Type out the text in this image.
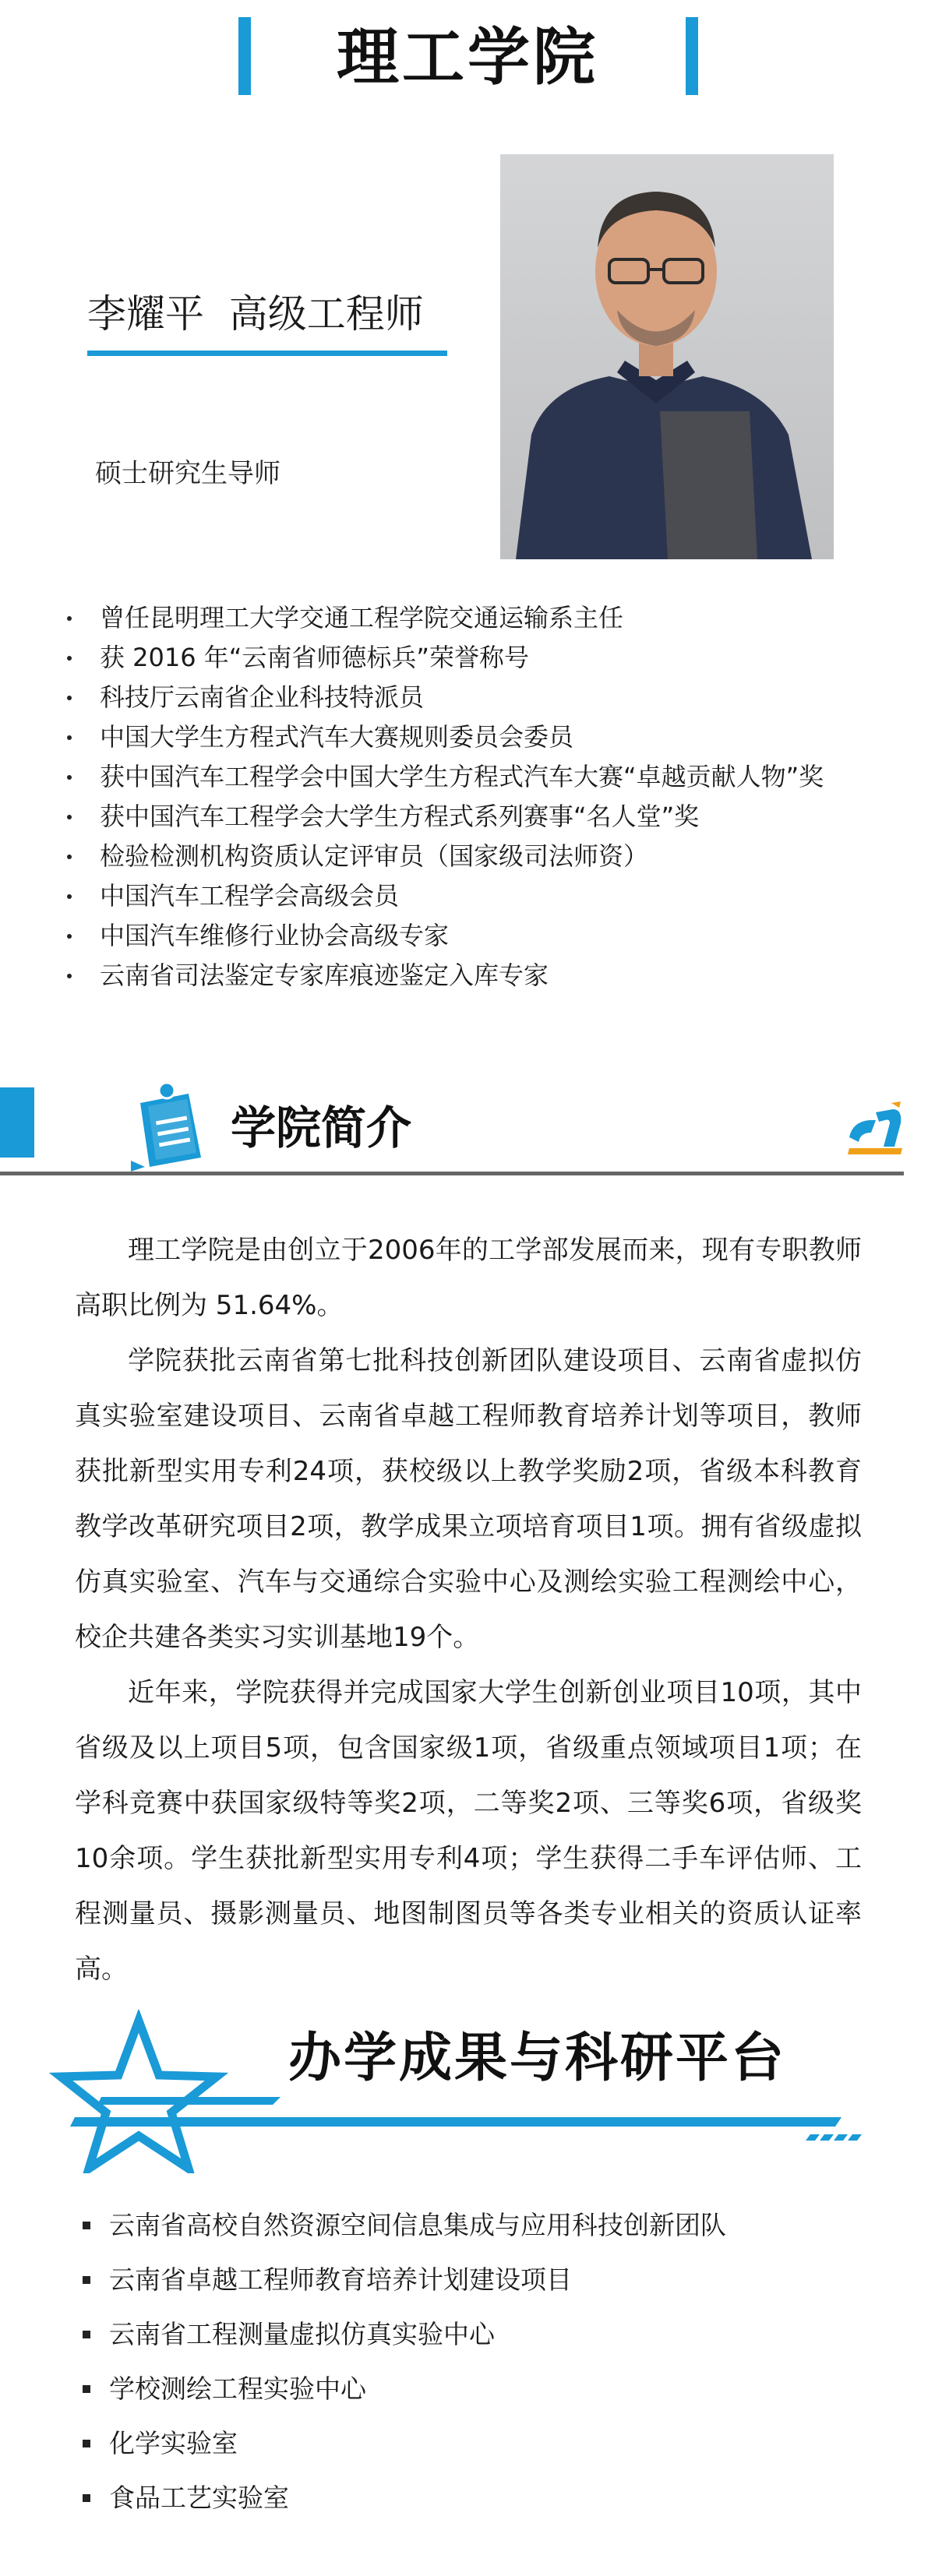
理工学院
李耀平  高级工程师
硕士研究生导师
曾任昆明理工大学交通工程学院交通运输系主任
获 2016 年“云南省师德标兵”荣誉称号
科技厅云南省企业科技特派员
中国大学生方程式汽车大赛规则委员会委员
获中国汽车工程学会中国大学生方程式汽车大赛“卓越贡献人物”奖
获中国汽车工程学会大学生方程式系列赛事“名人堂”奖
检验检测机构资质认定评审员（国家级司法师资）
中国汽车工程学会高级会员
中国汽车维修行业协会高级专家
云南省司法鉴定专家库痕迹鉴定入库专家
学院简介

理工学院是由创立于2006年的工学部发展而来，现有专职教师高职比例为 51.64%。

学院获批云南省第七批科技创新团队建设项目、云南省虚拟仿真实验室建设项目、云南省卓越工程师教育培养计划等项目，教师获批新型实用专利24项，获校级以上教学奖励2项，省级本科教育教学改革研究项目2项，教学成果立项培育项目1项。拥有省级虚拟仿真实验室、汽车与交通综合实验中心及测绘实验工程测绘中心，校企共建各类实习实训基地19个。

近年来，学院获得并完成国家大学生创新创业项目10项，其中省级及以上项目5项，包含国家级1项，省级重点领域项目1项；在学科竞赛中获国家级特等奖2项，二等奖2项、三等奖6项，省级奖10余项。学生获批新型实用专利4项；学生获得二手车评估师、工程测量员、摄影测量员、地图制图员等各类专业相关的资质认证率高。

办学成果与科研平台
云南省高校自然资源空间信息集成与应用科技创新团队
云南省卓越工程师教育培养计划建设项目
云南省工程测量虚拟仿真实验中心
学校测绘工程实验中心
化学实验室
食品工艺实验室
